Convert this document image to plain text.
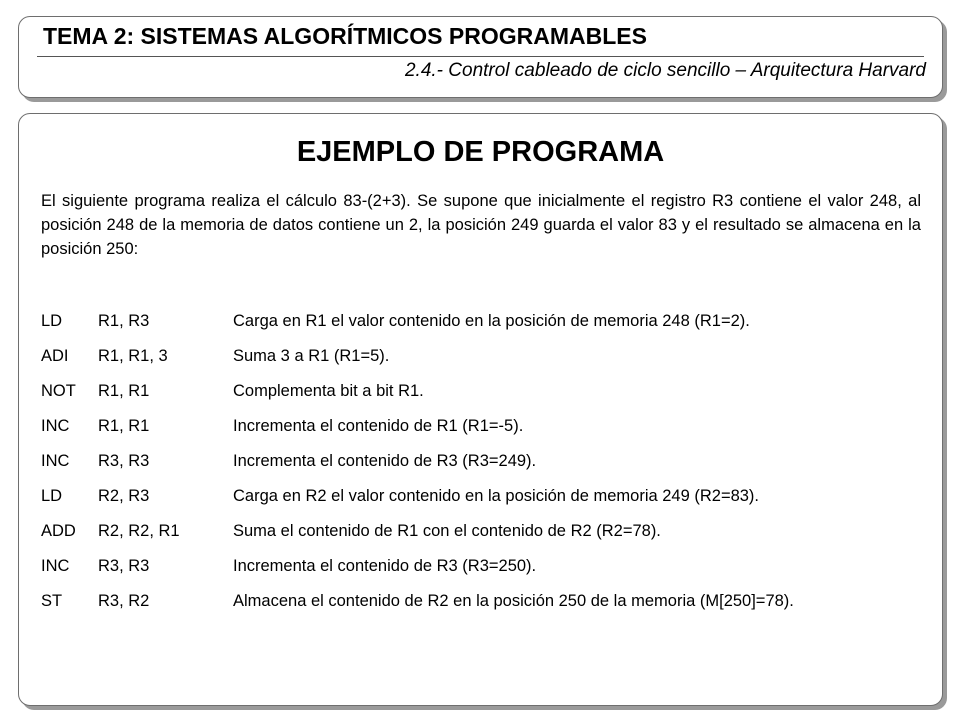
TEMA 2: SISTEMAS ALGORÍTMICOS PROGRAMABLES
2.4.- Control cableado de ciclo sencillo – Arquitectura Harvard
EJEMPLO DE PROGRAMA
El siguiente programa realiza el cálculo 83-(2+3). Se supone que inicialmente el registro R3 contiene el valor 248, al posición 248 de la memoria de datos contiene un 2, la posición 249 guarda el valor 83 y el resultado se almacena en la posición 250:
LD R1, R3	Carga en R1 el valor contenido en la posición de memoria 248 (R1=2).
ADI R1, R1, 3	Suma 3 a R1 (R1=5).
NOT R1, R1	Complementa bit a bit R1.
INC R1, R1	Incrementa el contenido de R1 (R1=-5).
INC R3, R3	Incrementa el contenido de R3 (R3=249).
LD R2, R3	Carga en R2 el valor contenido en la posición de memoria 249 (R2=83).
ADD R2, R2, R1	Suma el contenido de R1 con el contenido de R2 (R2=78).
INC R3, R3	Incrementa el contenido de R3 (R3=250).
ST R3, R2	Almacena el contenido de R2 en la posición 250 de la memoria (M[250]=78).
